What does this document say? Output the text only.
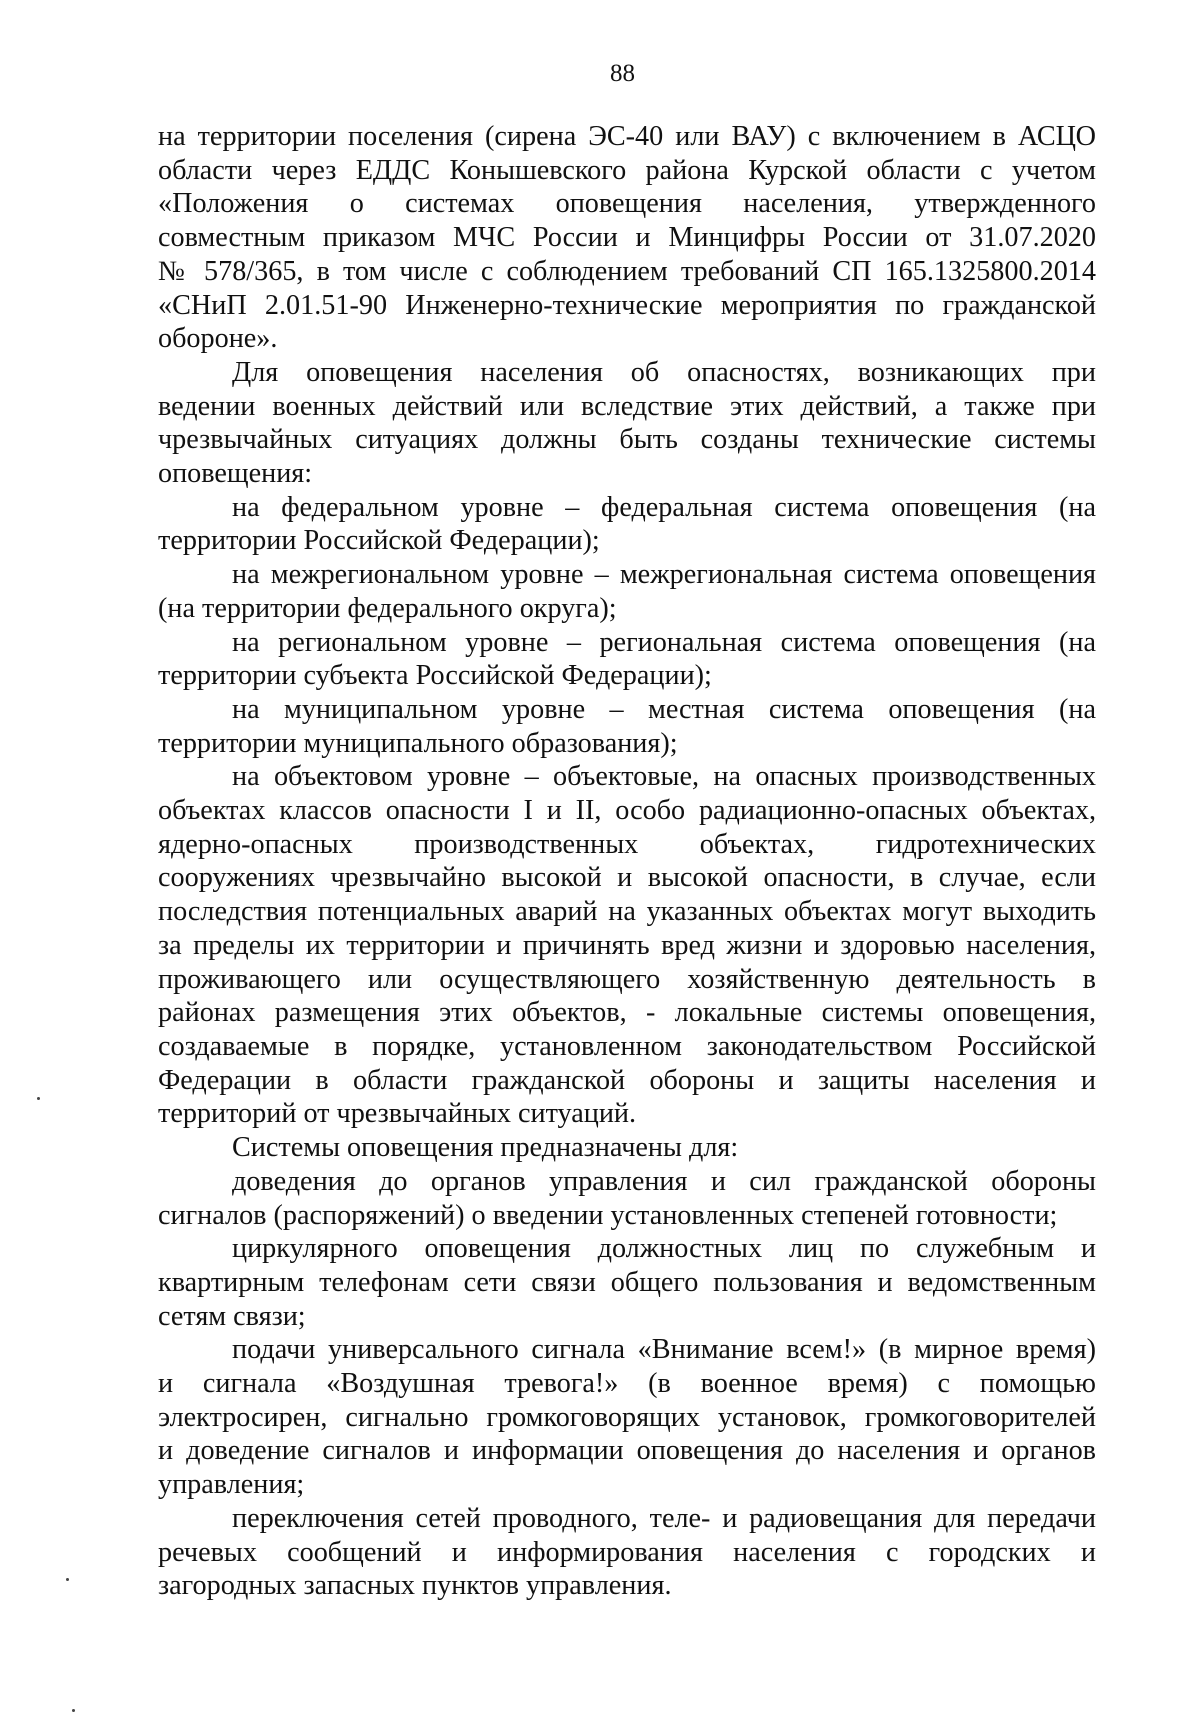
88
на территории поселения (сирена ЭС-40 или ВАУ) с включением в АСЦО
области через ЕДДС Конышевского района Курской области с учетом
«Положения о системах оповещения населения, утвержденного
совместным приказом МЧС России и Минцифры России от 31.07.2020
№ 578/365, в том числе с соблюдением требований СП 165.1325800.2014
«СНиП 2.01.51-90 Инженерно-технические мероприятия по гражданской
обороне».
Для оповещения населения об опасностях, возникающих при
ведении военных действий или вследствие этих действий, а также при
чрезвычайных ситуациях должны быть созданы технические системы
оповещения:
на федеральном уровне – федеральная система оповещения (на
территории Российской Федерации);
на межрегиональном уровне – межрегиональная система оповещения
(на территории федерального округа);
на региональном уровне – региональная система оповещения (на
территории субъекта Российской Федерации);
на муниципальном уровне – местная система оповещения (на
территории муниципального образования);
на объектовом уровне – объектовые, на опасных производственных
объектах классов опасности I и II, особо радиационно-опасных объектах,
ядерно-опасных производственных объектах, гидротехнических
сооружениях чрезвычайно высокой и высокой опасности, в случае, если
последствия потенциальных аварий на указанных объектах могут выходить
за пределы их территории и причинять вред жизни и здоровью населения,
проживающего или осуществляющего хозяйственную деятельность в
районах размещения этих объектов, - локальные системы оповещения,
создаваемые в порядке, установленном законодательством Российской
Федерации в области гражданской обороны и защиты населения и
территорий от чрезвычайных ситуаций.
Системы оповещения предназначены для:
доведения до органов управления и сил гражданской обороны
сигналов (распоряжений) о введении установленных степеней готовности;
циркулярного оповещения должностных лиц по служебным и
квартирным телефонам сети связи общего пользования и ведомственным
сетям связи;
подачи универсального сигнала «Внимание всем!» (в мирное время)
и сигнала «Воздушная тревога!» (в военное время) с помощью
электросирен, сигнально громкоговорящих установок, громкоговорителей
и доведение сигналов и информации оповещения до населения и органов
управления;
переключения сетей проводного, теле- и радиовещания для передачи
речевых сообщений и информирования населения с городских и
загородных запасных пунктов управления.
